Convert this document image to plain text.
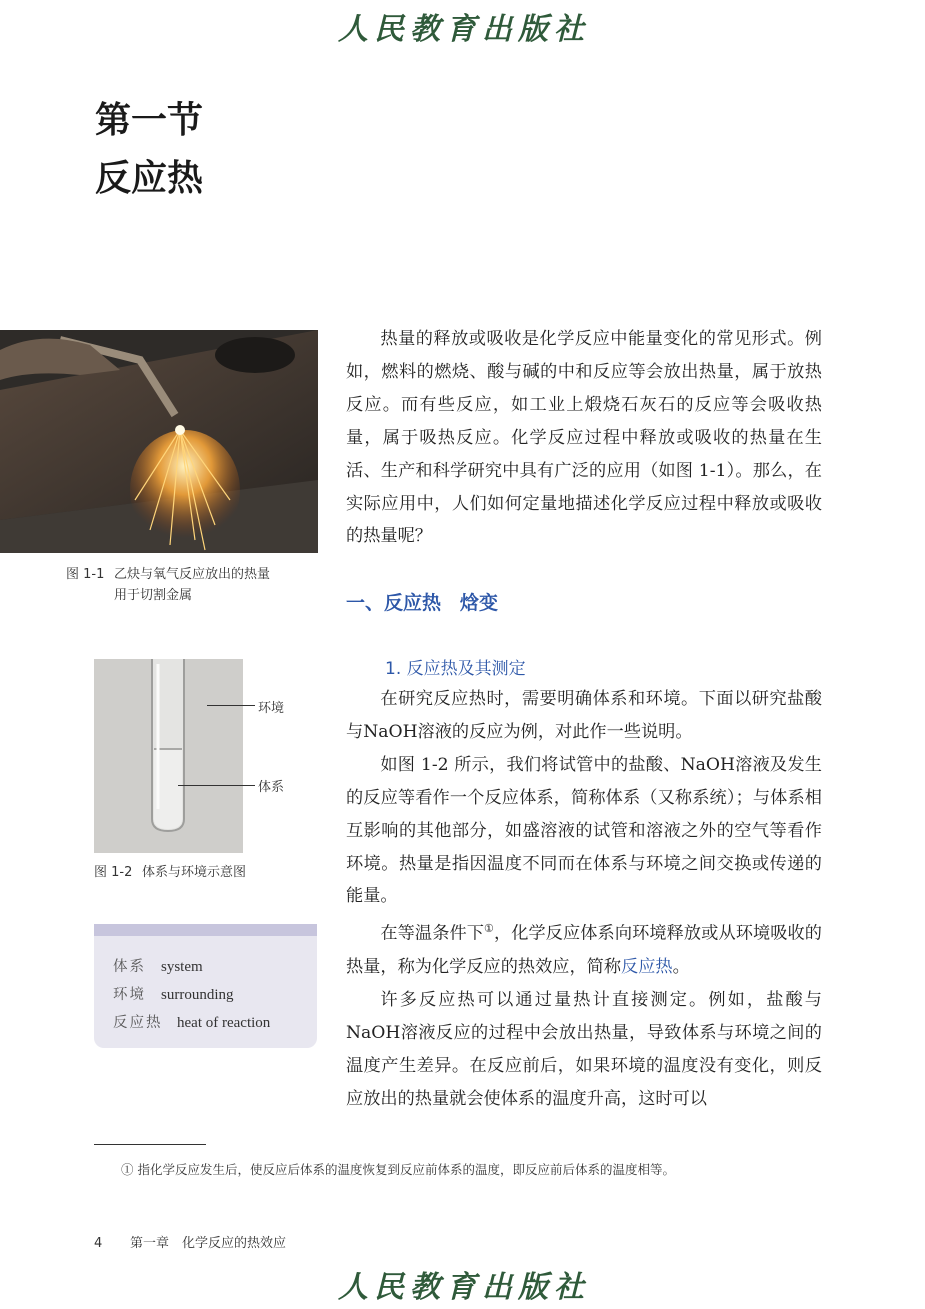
人民教育出版社
第一节
反应热
图 1-1 乙炔与氧气反应放出的热量
用于切割金属
环境
体系
图 1-2 体系与环境示意图
体系 system
环境 surrounding
反应热 heat of reaction

热量的释放或吸收是化学反应中能量变化的常见形式。例如，燃料的燃烧、酸与碱的中和反应等会放出热量，属于放热反应。而有些反应，如工业上煅烧石灰石的反应等会吸收热量，属于吸热反应。化学反应过程中释放或吸收的热量在生活、生产和科学研究中具有广泛的应用（如图 1-1）。那么，在实际应用中，人们如何定量地描述化学反应过程中释放或吸收的热量呢？

一、反应热　焓变
1. 反应热及其测定

在研究反应热时，需要明确体系和环境。下面以研究盐酸与NaOH溶液的反应为例，对此作一些说明。

如图 1-2 所示，我们将试管中的盐酸、NaOH溶液及发生的反应等看作一个反应体系，简称体系（又称系统）；与体系相互影响的其他部分，如盛溶液的试管和溶液之外的空气等看作环境。热量是指因温度不同而在体系与环境之间交换或传递的能量。

在等温条件下①，化学反应体系向环境释放或从环境吸收的热量，称为化学反应的热效应，简称反应热。

许多反应热可以通过量热计直接测定。例如，盐酸与NaOH溶液反应的过程中会放出热量，导致体系与环境之间的温度产生差异。在反应前后，如果环境的温度没有变化，则反应放出的热量就会使体系的温度升高，这时可以

① 指化学反应发生后，使反应后体系的温度恢复到反应前体系的温度，即反应前后体系的温度相等。
4 第一章　化学反应的热效应
人民教育出版社
